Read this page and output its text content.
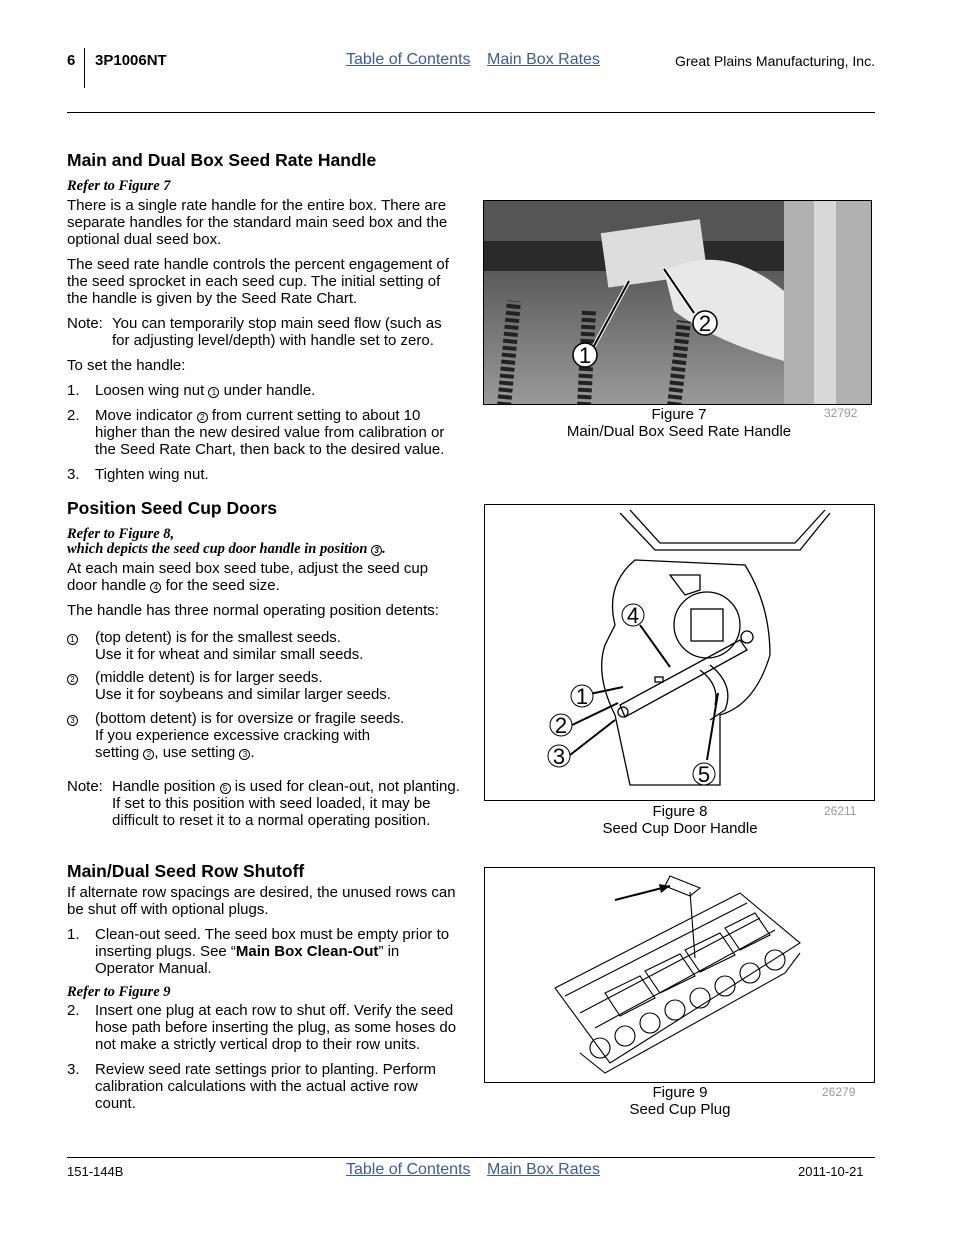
6 3P1006NT	Table of Contents Main Box Rates	Great Plains Manufacturing, Inc.
Main and Dual Box Seed Rate Handle
Refer to Figure 7
There is a single rate handle for the entire box. There are separate handles for the standard main seed box and the optional dual seed box.
The seed rate handle controls the percent engagement of the seed sprocket in each seed cup. The initial setting of the handle is given by the Seed Rate Chart.
Note: You can temporarily stop main seed flow (such as for adjusting level/depth) with handle set to zero.
To set the handle:
1.	Loosen wing nut 1 under handle.
2.	Move indicator 2 from current setting to about 10 higher than the new desired value from calibration or the Seed Rate Chart, then back to the desired value.
3.	Tighten wing nut.
Position Seed Cup Doors
Refer to Figure 8,
which depicts the seed cup door handle in position 3 .
At each main seed box seed tube, adjust the seed cup door handle 4 for the seed size.
The handle has three normal operating position detents:
1	(top detent) is for the smallest seeds.
Use it for wheat and similar small seeds.
2	(middle detent) is for larger seeds.
Use it for soybeans and similar larger seeds.
3	(bottom detent) is for oversize or fragile seeds.
If you experience excessive cracking with
setting 2 , use setting 3 .
Note: Handle position 5 is used for clean-out, not planting. If set to this position with seed loaded, it may be difficult to reset it to a normal operating position.
Main/Dual Seed Row Shutoff
If alternate row spacings are desired, the unused rows can be shut off with optional plugs.
1.	Clean-out seed. The seed box must be empty prior to inserting plugs. See “Main Box Clean-Out” in Operator Manual.
Refer to Figure 9
2.	Insert one plug at each row to shut off. Verify the seed hose path before inserting the plug, as some hoses do not make a strictly vertical drop to their row units.
3.	Review seed rate settings prior to planting. Perform calibration calculations with the actual active row count.
1
2
Figure 7
Main/Dual Box Seed Rate Handle
32792
4
1
2
3
5
Figure 8
Seed Cup Door Handle
26211
Figure 9
Seed Cup Plug
26279
151-144B	Table of Contents Main Box Rates	2011-10-21
